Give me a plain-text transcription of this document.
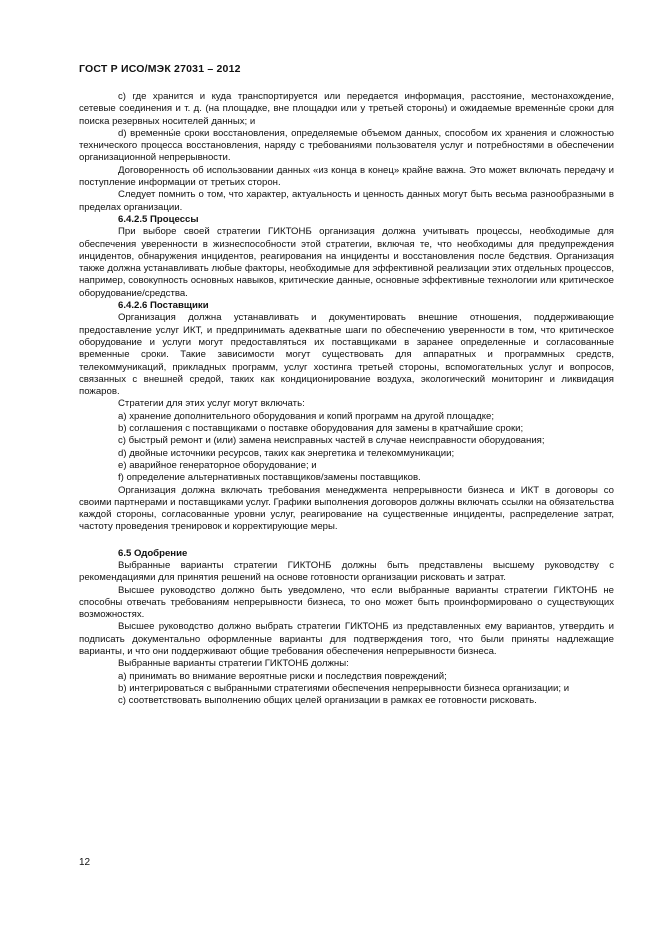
ГОСТ Р ИСО/МЭК 27031 – 2012

c) где хранится и куда транспортируется или передается информация, расстояние, местонахождение, сетевые соединения и т. д. (на площадке, вне площадки или у третьей стороны) и ожидаемые временны́е сроки для поиска резервных носителей данных; и

d) временны́е сроки восстановления, определяемые объемом данных, способом их хранения и сложностью технического процесса восстановления, наряду с требованиями пользователя услуг и потребностями в обеспечении организационной непрерывности.

Договоренность об использовании данных «из конца в конец» крайне важна. Это может включать передачу и поступление информации от третьих сторон.

Следует помнить о том, что характер, актуальность и ценность данных могут быть весьма разнообразными в пределах организации.

6.4.2.5 Процессы

При выборе своей стратегии ГИКТОНБ организация должна учитывать процессы, необходимые для обеспечения уверенности в жизнеспособности этой стратегии, включая те, что необходимы для предупреждения инцидентов, обнаружения инцидентов, реагирования на инциденты и восстановления после бедствия. Организация также должна устанавливать любые факторы, необходимые для эффективной реализации этих отдельных процессов, например, совокупность основных навыков, критические данные, основные эффективные технологии или критическое оборудование/средства.

6.4.2.6 Поставщики

Организация должна устанавливать и документировать внешние отношения, поддерживающие предоставление услуг ИКТ, и предпринимать адекватные шаги по обеспечению уверенности в том, что критическое оборудование и услуги могут предоставляться их поставщиками в заранее определенные и согласованные временные сроки. Такие зависимости могут существовать для аппаратных и программных средств, телекоммуникаций, прикладных программ, услуг хостинга третьей стороны, вспомогательных услуг и вопросов, связанных с внешней средой, таких как кондиционирование воздуха, экологический мониторинг и ликвидация пожаров.

Стратегии для этих услуг могут включать:

a) хранение дополнительного оборудования и копий программ на другой площадке;

b) соглашения с поставщиками о поставке оборудования для замены в кратчайшие сроки;

c) быстрый ремонт и (или) замена неисправных частей в случае неисправности оборудования;

d) двойные источники ресурсов, таких как энергетика и телекоммуникации;

e) аварийное генераторное оборудование; и

f) определение альтернативных поставщиков/замены поставщиков.

Организация должна включать требования менеджмента непрерывности бизнеса и ИКТ в договоры со своими партнерами и поставщиками услуг. Графики выполнения договоров должны включать ссылки на обязательства каждой стороны, согласованные уровни услуг, реагирование на существенные инциденты, распределение затрат, частоту проведения тренировок и корректирующие меры.

6.5 Одобрение

Выбранные варианты стратегии ГИКТОНБ должны быть представлены высшему руководству с рекомендациями для принятия решений на основе готовности организации рисковать и затрат.

Высшее руководство должно быть уведомлено, что если выбранные варианты стратегии ГИКТОНБ не способны отвечать требованиям непрерывности бизнеса, то оно может быть проинформировано о существующих возможностях.

Высшее руководство должно выбрать стратегии ГИКТОНБ из представленных ему вариантов, утвердить и подписать документально оформленные варианты для подтверждения того, что были приняты надлежащие варианты, и что они поддерживают общие требования обеспечения непрерывности бизнеса.

Выбранные варианты стратегии ГИКТОНБ должны:

a) принимать во внимание вероятные риски и последствия повреждений;

b) интегрироваться с выбранными стратегиями обеспечения непрерывности бизнеса организации; и

c) соответствовать выполнению общих целей организации в рамках ее готовности рисковать.

12
